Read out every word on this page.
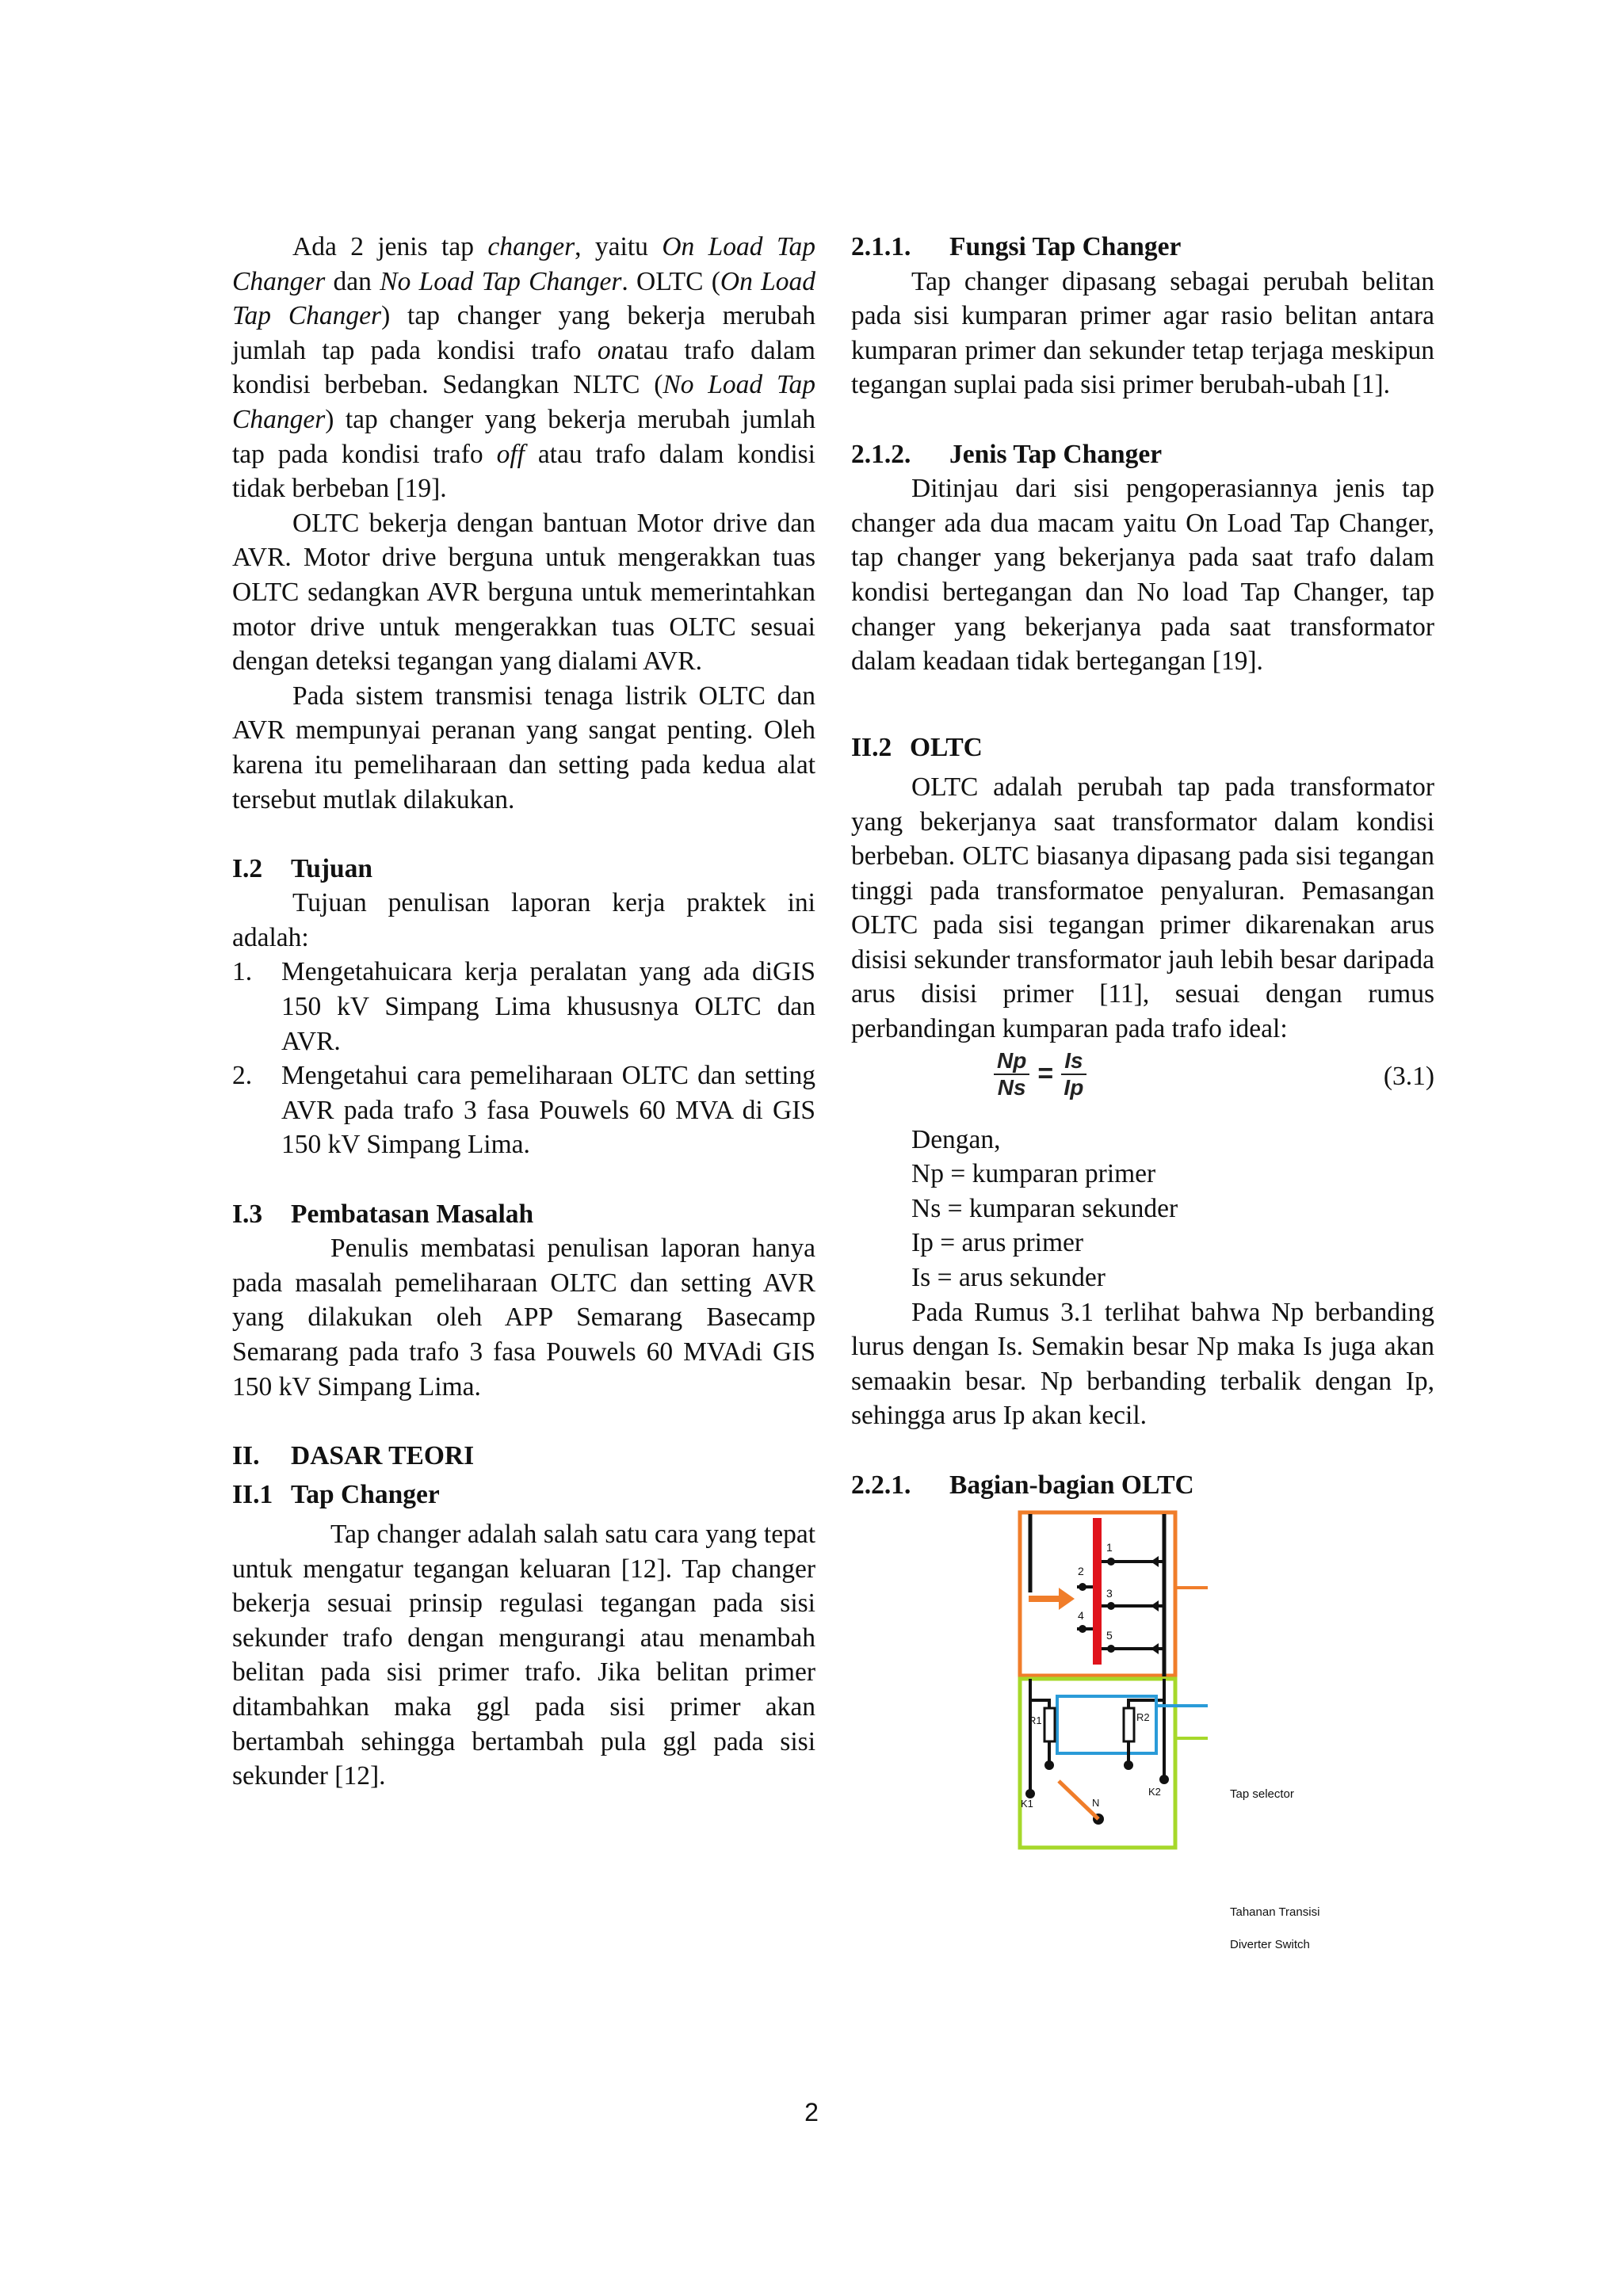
Ada 2 jenis tap changer, yaitu On Load Tap Changer dan No Load Tap Changer. OLTC (On Load Tap Changer) tap changer yang bekerja merubah jumlah tap pada kondisi trafo onatau trafo dalam kondisi berbeban. Sedangkan NLTC (No Load Tap Changer) tap changer yang bekerja merubah jumlah tap pada kondisi trafo off atau trafo dalam kondisi tidak berbeban [19].

OLTC bekerja dengan bantuan Motor drive dan AVR. Motor drive berguna untuk mengerakkan tuas OLTC sedangkan AVR berguna untuk memerintahkan motor drive untuk mengerakkan tuas OLTC sesuai dengan deteksi tegangan yang dialami AVR.

Pada sistem transmisi tenaga listrik OLTC dan AVR mempunyai peranan yang sangat penting. Oleh karena itu pemeliharaan dan setting pada kedua alat tersebut mutlak dilakukan.

I.2 Tujuan

Tujuan penulisan laporan kerja praktek ini adalah:

1. Mengetahuicara kerja peralatan yang ada diGIS 150 kV Simpang Lima khususnya OLTC dan AVR.
2. Mengetahui cara pemeliharaan OLTC dan setting AVR pada trafo 3 fasa Pouwels 60 MVA di GIS 150 kV Simpang Lima.
I.3 Pembatasan Masalah

Penulis membatasi penulisan laporan hanya pada masalah pemeliharaan OLTC dan setting AVR yang dilakukan oleh APP Semarang Basecamp Semarang pada trafo 3 fasa Pouwels 60 MVAdi GIS 150 kV Simpang Lima.

II. DASAR TEORI
II.1 Tap Changer

Tap changer adalah salah satu cara yang tepat untuk mengatur tegangan keluaran [12]. Tap changer bekerja sesuai prinsip regulasi tegangan pada sisi sekunder trafo dengan mengurangi atau menambah belitan pada sisi primer trafo. Jika belitan primer ditambahkan maka ggl pada sisi primer akan bertambah sehingga bertambah pula ggl pada sisi sekunder [12].

2.1.1. Fungsi Tap Changer

Tap changer dipasang sebagai perubah belitan pada sisi kumparan primer agar rasio belitan antara kumparan primer dan sekunder tetap terjaga meskipun tegangan suplai pada sisi primer berubah-ubah [1].

2.1.2. Jenis Tap Changer

Ditinjau dari sisi pengoperasiannya jenis tap changer ada dua macam yaitu On Load Tap Changer, tap changer yang bekerjanya pada saat trafo dalam kondisi bertegangan dan No load Tap Changer, tap changer yang bekerjanya pada saat transformator dalam keadaan tidak bertegangan [19].

II.2 OLTC

OLTC adalah perubah tap pada transformator yang bekerjanya saat transformator dalam kondisi berbeban. OLTC biasanya dipasang pada sisi tegangan tinggi pada transformatoe penyaluran. Pemasangan OLTC pada sisi tegangan primer dikarenakan arus disisi sekunder transformator jauh lebih besar daripada arus disisi primer [11], sesuai dengan rumus perbandingan kumparan pada trafo ideal:

$\frac{Np}{Ns} = \frac{Is}{Ip}$	(3.1)
Dengan,
Np = kumparan primer
Ns = kumparan sekunder
Ip = arus primer
Is = arus sekunder

Pada Rumus 3.1 terlihat bahwa Np berbanding lurus dengan Is. Semakin besar Np maka Is juga akan semaakin besar. Np berbanding terbalik dengan Ip, sehingga arus Ip akan kecil.

2.2.1. Bagian-bagian OLTC
1
2
3
4
5
R1	R2
K1
K2
N
Tap selector
Tahanan Transisi
Diverter Switch
2
